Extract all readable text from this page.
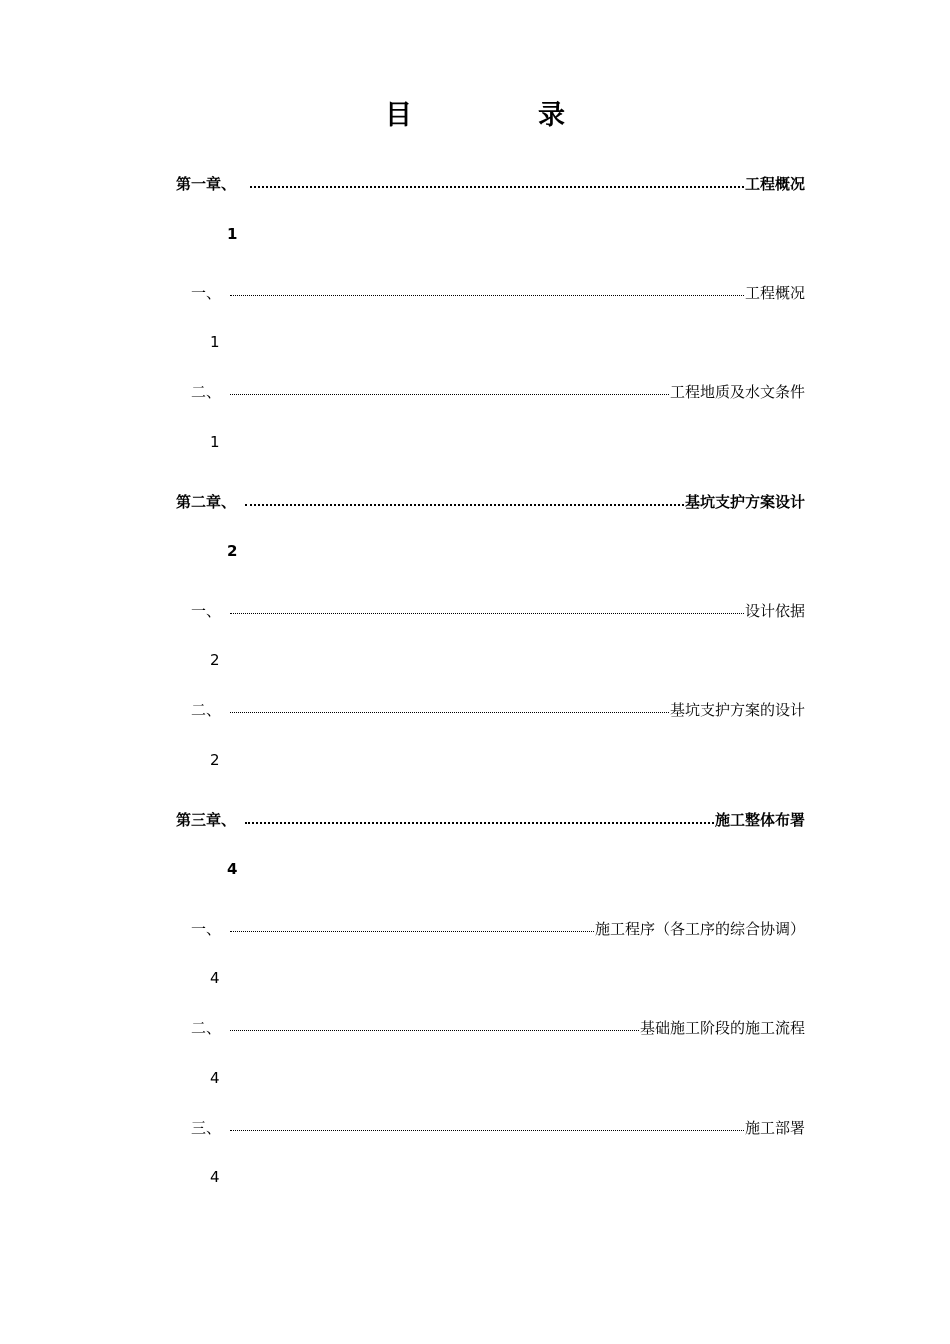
目	录
第一章、	工程概况
1
一、	工程概况
1
二、	工程地质及水文条件
1
第二章、	基坑支护方案设计
2
一、	设计依据
2
二、	基坑支护方案的设计
2
第三章、	施工整体布署
4
一、	施工程序（各工序的综合协调）
4
二、	基础施工阶段的施工流程
4
三、	施工部署
4
